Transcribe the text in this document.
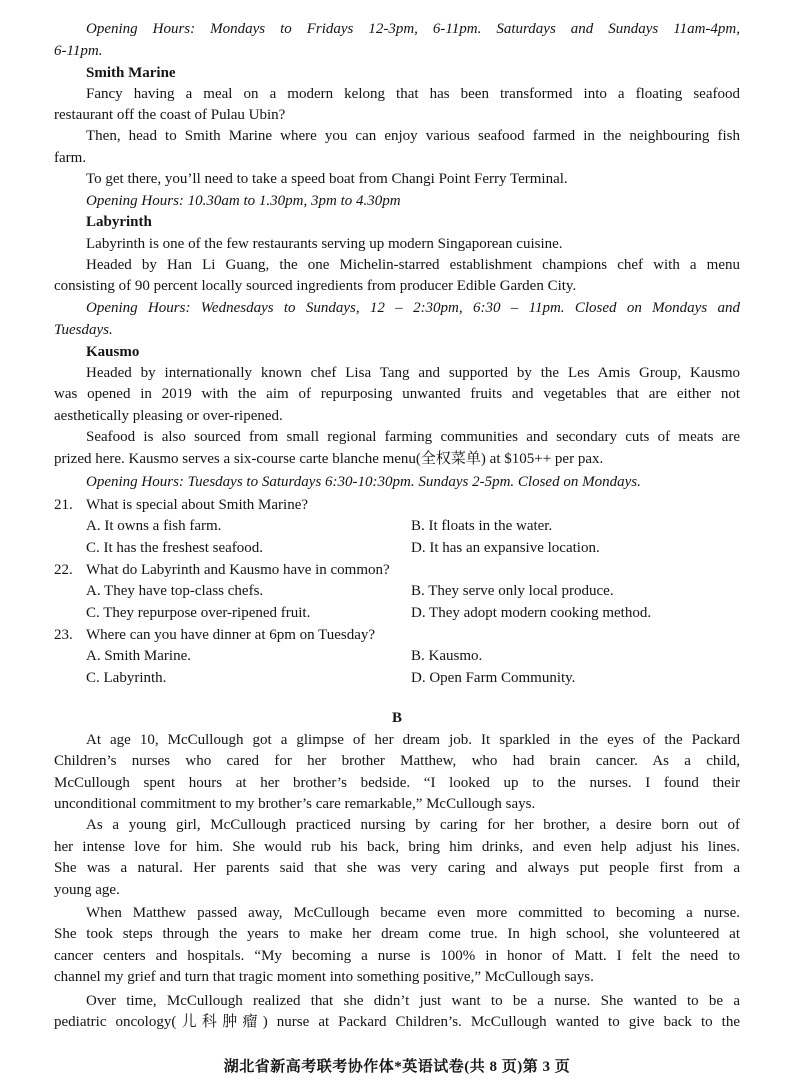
Opening Hours: Mondays to Fridays 12-3pm, 6-11pm. Saturdays and Sundays 11am-4pm,
6-11pm.
Smith Marine
Fancy having a meal on a modern kelong that has been transformed into a floating seafood
restaurant off the coast of Pulau Ubin?
Then, head to Smith Marine where you can enjoy various seafood farmed in the neighbouring fish
farm.
To get there, you’ll need to take a speed boat from Changi Point Ferry Terminal.
Opening Hours: 10.30am to 1.30pm, 3pm to 4.30pm
Labyrinth
Labyrinth is one of the few restaurants serving up modern Singaporean cuisine.
Headed by Han Li Guang, the one Michelin-starred establishment champions chef with a menu
consisting of 90 percent locally sourced ingredients from producer Edible Garden City.
Opening Hours: Wednesdays to Sundays, 12 – 2:30pm, 6:30 – 11pm. Closed on Mondays and
Tuesdays.
Kausmo
Headed by internationally known chef Lisa Tang and supported by the Les Amis Group, Kausmo
was opened in 2019 with the aim of repurposing unwanted fruits and vegetables that are either not
aesthetically pleasing or over-ripened.
Seafood is also sourced from small regional farming communities and secondary cuts of meats are
prized here. Kausmo serves a six-course carte blanche menu(全权菜单) at $105++ per pax.
Opening Hours: Tuesdays to Saturdays 6:30-10:30pm. Sundays 2-5pm. Closed on Mondays.
21. What is special about Smith Marine?
A. It owns a fish farm.	B. It floats in the water.
C. It has the freshest seafood.	D. It has an expansive location.
22. What do Labyrinth and Kausmo have in common?
A. They have top-class chefs.	B. They serve only local produce.
C. They repurpose over-ripened fruit.	D. They adopt modern cooking method.
23. Where can you have dinner at 6pm on Tuesday?
A. Smith Marine.	B. Kausmo.
C. Labyrinth.	D. Open Farm Community.
B
At age 10, McCullough got a glimpse of her dream job. It sparkled in the eyes of the Packard
Children’s nurses who cared for her brother Matthew, who had brain cancer. As a child,
McCullough spent hours at her brother’s bedside. “I looked up to the nurses. I found their
unconditional commitment to my brother’s care remarkable,” McCullough says.
As a young girl, McCullough practiced nursing by caring for her brother, a desire born out of
her intense love for him. She would rub his back, bring him drinks, and even help adjust his lines.
She was a natural. Her parents said that she was very caring and always put people first from a
young age.
When Matthew passed away, McCullough became even more committed to becoming a nurse.
She took steps through the years to make her dream come true. In high school, she volunteered at
cancer centers and hospitals. “My becoming a nurse is 100% in honor of Matt. I felt the need to
channel my grief and turn that tragic moment into something positive,” McCullough says.
Over time, McCullough realized that she didn’t just want to be a nurse. She wanted to be a
pediatric oncology(儿科肿瘤) nurse at Packard Children’s. McCullough wanted to give back to the
湖北省新高考联考协作体*英语试卷(共 8 页)第 3 页
